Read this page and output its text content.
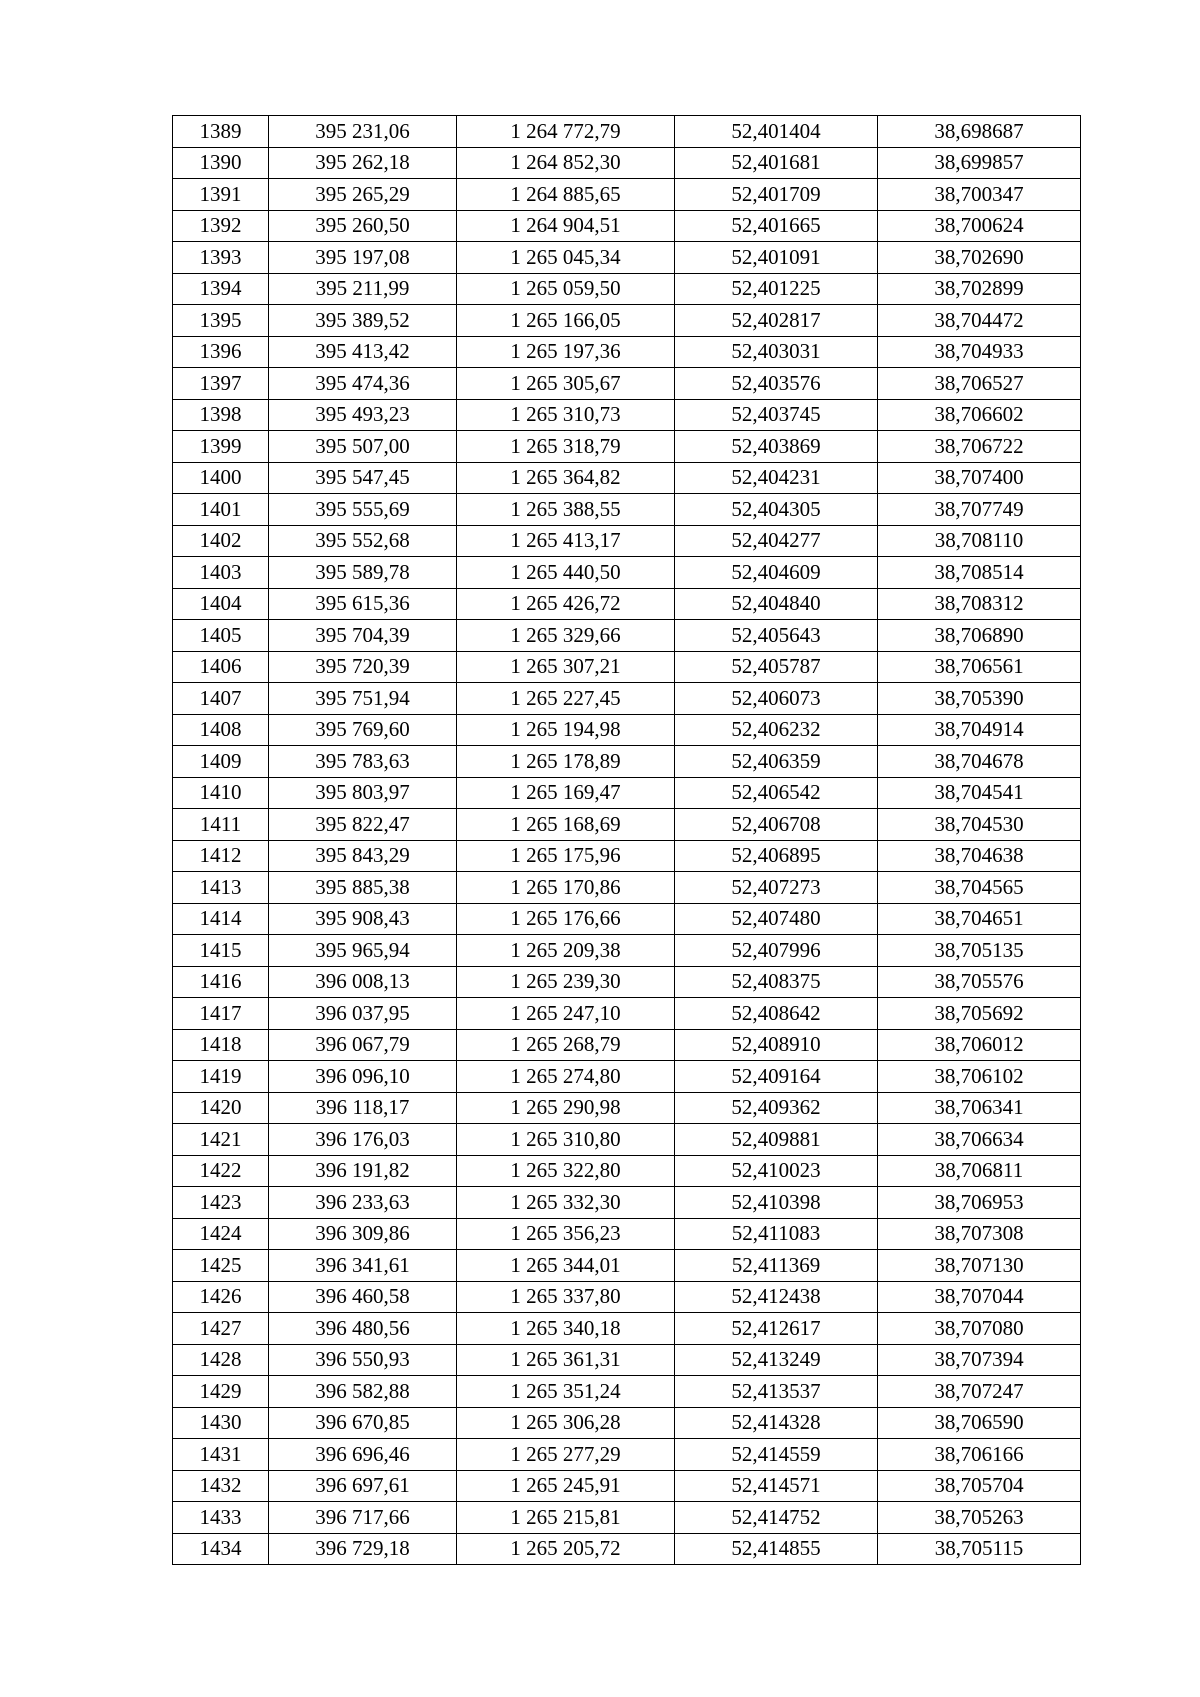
1389	395 231,06	1 264 772,79	52,401404	38,698687
1390	395 262,18	1 264 852,30	52,401681	38,699857
1391	395 265,29	1 264 885,65	52,401709	38,700347
1392	395 260,50	1 264 904,51	52,401665	38,700624
1393	395 197,08	1 265 045,34	52,401091	38,702690
1394	395 211,99	1 265 059,50	52,401225	38,702899
1395	395 389,52	1 265 166,05	52,402817	38,704472
1396	395 413,42	1 265 197,36	52,403031	38,704933
1397	395 474,36	1 265 305,67	52,403576	38,706527
1398	395 493,23	1 265 310,73	52,403745	38,706602
1399	395 507,00	1 265 318,79	52,403869	38,706722
1400	395 547,45	1 265 364,82	52,404231	38,707400
1401	395 555,69	1 265 388,55	52,404305	38,707749
1402	395 552,68	1 265 413,17	52,404277	38,708110
1403	395 589,78	1 265 440,50	52,404609	38,708514
1404	395 615,36	1 265 426,72	52,404840	38,708312
1405	395 704,39	1 265 329,66	52,405643	38,706890
1406	395 720,39	1 265 307,21	52,405787	38,706561
1407	395 751,94	1 265 227,45	52,406073	38,705390
1408	395 769,60	1 265 194,98	52,406232	38,704914
1409	395 783,63	1 265 178,89	52,406359	38,704678
1410	395 803,97	1 265 169,47	52,406542	38,704541
1411	395 822,47	1 265 168,69	52,406708	38,704530
1412	395 843,29	1 265 175,96	52,406895	38,704638
1413	395 885,38	1 265 170,86	52,407273	38,704565
1414	395 908,43	1 265 176,66	52,407480	38,704651
1415	395 965,94	1 265 209,38	52,407996	38,705135
1416	396 008,13	1 265 239,30	52,408375	38,705576
1417	396 037,95	1 265 247,10	52,408642	38,705692
1418	396 067,79	1 265 268,79	52,408910	38,706012
1419	396 096,10	1 265 274,80	52,409164	38,706102
1420	396 118,17	1 265 290,98	52,409362	38,706341
1421	396 176,03	1 265 310,80	52,409881	38,706634
1422	396 191,82	1 265 322,80	52,410023	38,706811
1423	396 233,63	1 265 332,30	52,410398	38,706953
1424	396 309,86	1 265 356,23	52,411083	38,707308
1425	396 341,61	1 265 344,01	52,411369	38,707130
1426	396 460,58	1 265 337,80	52,412438	38,707044
1427	396 480,56	1 265 340,18	52,412617	38,707080
1428	396 550,93	1 265 361,31	52,413249	38,707394
1429	396 582,88	1 265 351,24	52,413537	38,707247
1430	396 670,85	1 265 306,28	52,414328	38,706590
1431	396 696,46	1 265 277,29	52,414559	38,706166
1432	396 697,61	1 265 245,91	52,414571	38,705704
1433	396 717,66	1 265 215,81	52,414752	38,705263
1434	396 729,18	1 265 205,72	52,414855	38,705115
